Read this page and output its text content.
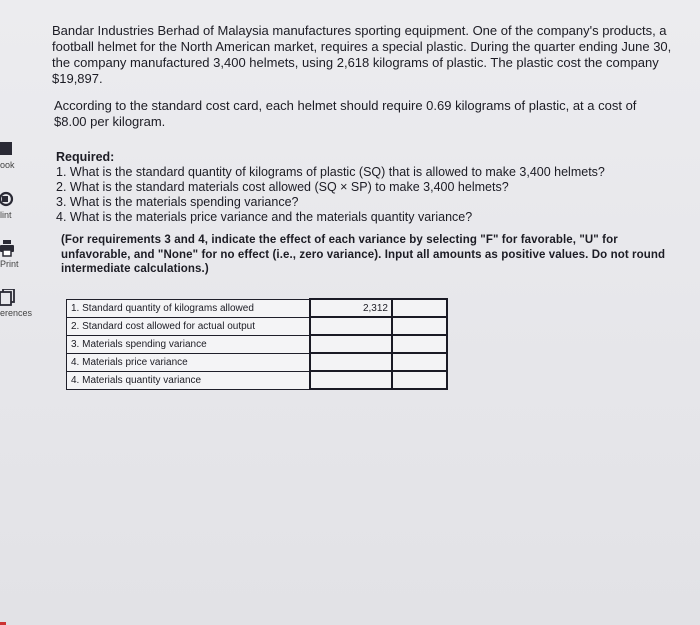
ook
lint
Print
erences

Bandar Industries Berhad of Malaysia manufactures sporting equipment. One of the company's products, a football helmet for the North American market, requires a special plastic. During the quarter ending June 30, the company manufactured 3,400 helmets, using 2,618 kilograms of plastic. The plastic cost the company $19,897.

According to the standard cost card, each helmet should require 0.69 kilograms of plastic, at a cost of $8.00 per kilogram.

Required:
1. What is the standard quantity of kilograms of plastic (SQ) that is allowed to make 3,400 helmets?
2. What is the standard materials cost allowed (SQ × SP) to make 3,400 helmets?
3. What is the materials spending variance?
4. What is the materials price variance and the materials quantity variance?
(For requirements 3 and 4, indicate the effect of each variance by selecting "F" for favorable, "U" for unfavorable, and "None" for no effect (i.e., zero variance). Input all amounts as positive values. Do not round intermediate calculations.)
1. Standard quantity of kilograms allowed	2,312	
2. Standard cost allowed for actual output		
3. Materials spending variance		
4. Materials price variance		
4. Materials quantity variance		
